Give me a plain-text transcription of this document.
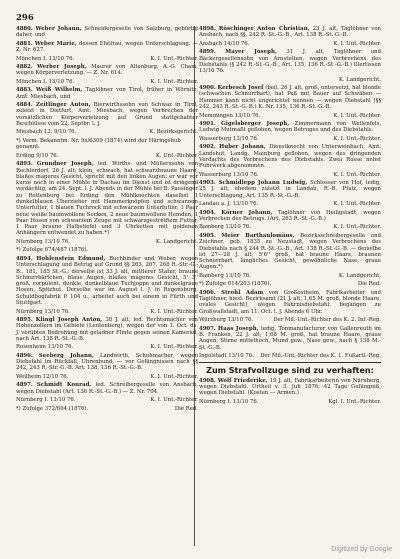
296
4880. Weber Johann, Schneidergeselle von Salzburg, gebürtig daher, und
4881. Weber Marie, dessen Ehefrau, wegen Unterschlagung. — Z. Nr. 627.
München I. 13/10 76.	K. I. Unt.-Richter.
4882. Werber Joseph, Maurer von Altenburg, A.-G. Cham, wegen Körperverletzung. — Z. Nr. 614.
München I. 13/10 76.	K. I. Unt.-Richter.
4883. Weiß Wilhelm, Taglöhner von Tirol, früher in Wörnitz, Amt. Miesbach, und
4884. Zeitlinger Anton, Bierwirthssohn von Schwaz in Tirol, zuletzt in Dietfurt, Amt. Miesbach, wegen Verbrechen der vorsätzlichen Körperverletzung auf Grund stattgehabter Beschlüsse vom 22. Septbr. l. J.
Miesbach 13. 9/10 76.	K. Bezirksgericht.
*) Verm. Bekanntm. Nr. 9x/6309 (1874) wird der Häringshub genannt.
Erding 9/10 76.	K. Unt.-Richter.
4893. Grundner Joseph, led. Wirths- und Müllerssohn von Rechlerdorf, 26 J. alt, klein, schwach, hat schwarzbraune Haare, blaßes mageres Gesicht, spricht mit den linken Augen; er war vor kurze noch in einer Mühle in Dachau im Dienst und ist dringend verdächtig, am 24. Sept. l. J. Abends in der Mühle bei B. Pausinger zu Rottenburg bei Erding den Mühlknechten daselbst 1 dunkelblauen Überzieher mit Hammerknöpfen und schwarzem Unterfutter, 1 blauen Tuchrock mit schwarzem Unterfutter, 1 Paar neue weiße baumwollene Socken, 2 neue baumwollene Hemden, 1 Paar Hosen von schwarzem Zeuge mit schwarzgestreiftem Futter, 1 Paar braune Halbstiefel und 3 Uhrketten mit goldenen Anhängern entwendet zu haben.*)
Nürnberg 13/10 76.	K. Landgericht.
*) Zufolge 674/487 (1876).
4894. Hohlenstein Edmund, Buchbinder und Weber, wegen Unterschlagung und Betrug auf Grund §§ 263, 267, 268 R.-Str.-G.-B., 181, 185 St.-G.; derselbe ist 33 J. alt, mittlerer Statur, braune Schnurrbärtchen, blaue Augen, blaßes mageres Gesicht, 5' 3'' groß, corpulent, dunkle, dunkelblaue Tuchjoppe und dunkelgraue Hosen, Spitzhut. Derselbe war im August l. J. in Regensburg, Schuldbogfabrik P. 104 u., arbeitet auch bei einem in Fürth und Stuttgart.
Nürnberg 13/10 76.	K. I. Unt.-Richter.
4895. Klingl Joseph Anton, 38 J. alt, led. Rechtsmacher von Hohenzollern im Gebiete (Lentenberg), wegen der von 1. Oct. ds. J. verübten Bedrohung mit geladner Flinte gegen seinen Kamerad, nach Art. 138 R.-St.-G.-B.
Rosenheim 13/10 76.	K. I. Unt.-Richter.
4896. Seeberg Johann, Landwirth, Schuhmacher, wegen Diebstahl im Rückfall, Uhrenbund, — vor Gefängnissen nach §§ 242, 243 R.-Str.-G.-B. Art. 138, 136 R.-St.-G.-B.
Weilheim 12/10 76.	K. I. Unt.-Richter.
4897. Schmidt Konrad, led. Schreibergeselle von Ansbach, wegen Diebstahl (Art. 136 R.-St.-G.-B.) — Z. Nr. 704.
Nürnberg I. 13/10 76.	K. I. Unt.-Richter.
*) Zufolge 372/604 (1876).	Die Red.
4898. Röschinger Anton Christian, 23 J. alt, Taglöhner von Ansbach, nach §§. 242 R.-St.-G.-B., Art. 138 R.-St.-G.-B.
Ansbach 14/10 76.	K. I. Unt.-Richter.
4899. Mayer Joseph, 31 J. alt, Taglöhner und Bäckergesellensohn von Arnstetten, wegen Verbrechens des Diebstahls (§ 242 R.-St.-G.-B., Art. 135, 136 R.-St.-G.-B.) Illertissen 13/10 76.
K. Landgericht.
4900. Kerbesch Josef (beil. 26 J. alt, groß, untersetzt, hat blonde (schwachen Schnurrbart), hat Paß mit Bauer auf Schwäben — Hammer kann nicht ungerichtet nennen — wegen Diebstahl (§§ 242, 243 R.-St.-G.-B.) K. Nr. 135, 136 R.-St.-G.-B.
Memmingen 13/10 76.	K. I. Unt.-Richter.
4901. Gigelsberger Joseph, Zimmermann von Wellenfels, Ludwig Mutmaßt geflohen, wegen Betruges und des Diebstahls.
Wasserburg 13/10 76.	K. I. Unt.-Richter.
4902. Huber Johann, Dienstknecht von Unterweinbach, Amt. Landshut, Landg. Mainburg geflohen, wegen des dringenden Verdachts des Verbrechens des Diebstahls. Zwei Rosse nebst Fuhrwerk abgenommen.
Wasserburg 13/10 76.	K. I. Unt.-Richter.
4903. Schmidlepp Johann Ludwig, Schlosser von Hof, ledig, 25 J. alt, ehedem zuletzt in Landau, R.-B. Pfalz, wegen Unterschlagung, Art. 135 R.-St.-G.-B.
Landau a. J. 13/10 76.	K. I. Unt.-Richter.
4904. Körner Johann, Taglöhner von Heiligstadt, wegen Verbrechen des Betrugs. (Art. 263 R.-St.-G.-B.)
Bamberg 13/10 76.	K. I. Unt.-Richter.
4905. Meier Barthaulomäus, Bezirksschreibergeselle und Zeichner, geb. 1835 zu Neustadt, wegen Verbrechens des Diebstahls nach § 244 R.-St.-G.-B., Art. 138 R.-St.-G.-B. — derselbe ist 27—28 J. alt, 5'6'' groß, hat braune Haare, braunen Schnurrbart, längliches Gesicht, gewöhnliche Nase, graue Augen.*)
Bamberg 13/10 76.	K. Landgericht.
*) Zufolge 614/203 (1876).	Die Red.
4906. Strohl Adam von Großostheim, Fabrikarbeiter und Taglöhner, hiesl. Bezirksamt (21 J. alt, 1,65 M. groß, blonde Haare, ovales Gesicht), wegen Fahrnisdiebstahl, begangen zu Großwallstadt, am 11. Oct. l. J. Abends 6 Uhr.
Würzburg 13/10 76.	Der Mil.-Unt.-Richter des K. 2. Inf.-Reg.
4907. Haas Joseph, ledig, Tonmanufacturer von Gallenreuth im B. Franken, 22 J. alt, 1,68 M. groß, hat braune Haare, graue Augen, Stirne mittelhoch, Mund gew., Nase gew., nach § 138 M.-St.-G.-B.
Ingolstadt 13/10 76. Der Mil.-Unt.-Richter des K. 1. Fußartl.-Reg.
Zum Strafvollzuge sind zu verhaften:
4908. Wolf Friederike, 19 J. alt, Fabrikarbeiterin von Nürnberg, wegen Diebstahl. Urtheil v. 3. Juli 1876: 42 Tage Gefängniß, wegen Diebstahl. (Kosten — Armen.)
Nürnberg I. 13/10 76.	Kgl. I. Unt.-Richter.
Digitized by Google
